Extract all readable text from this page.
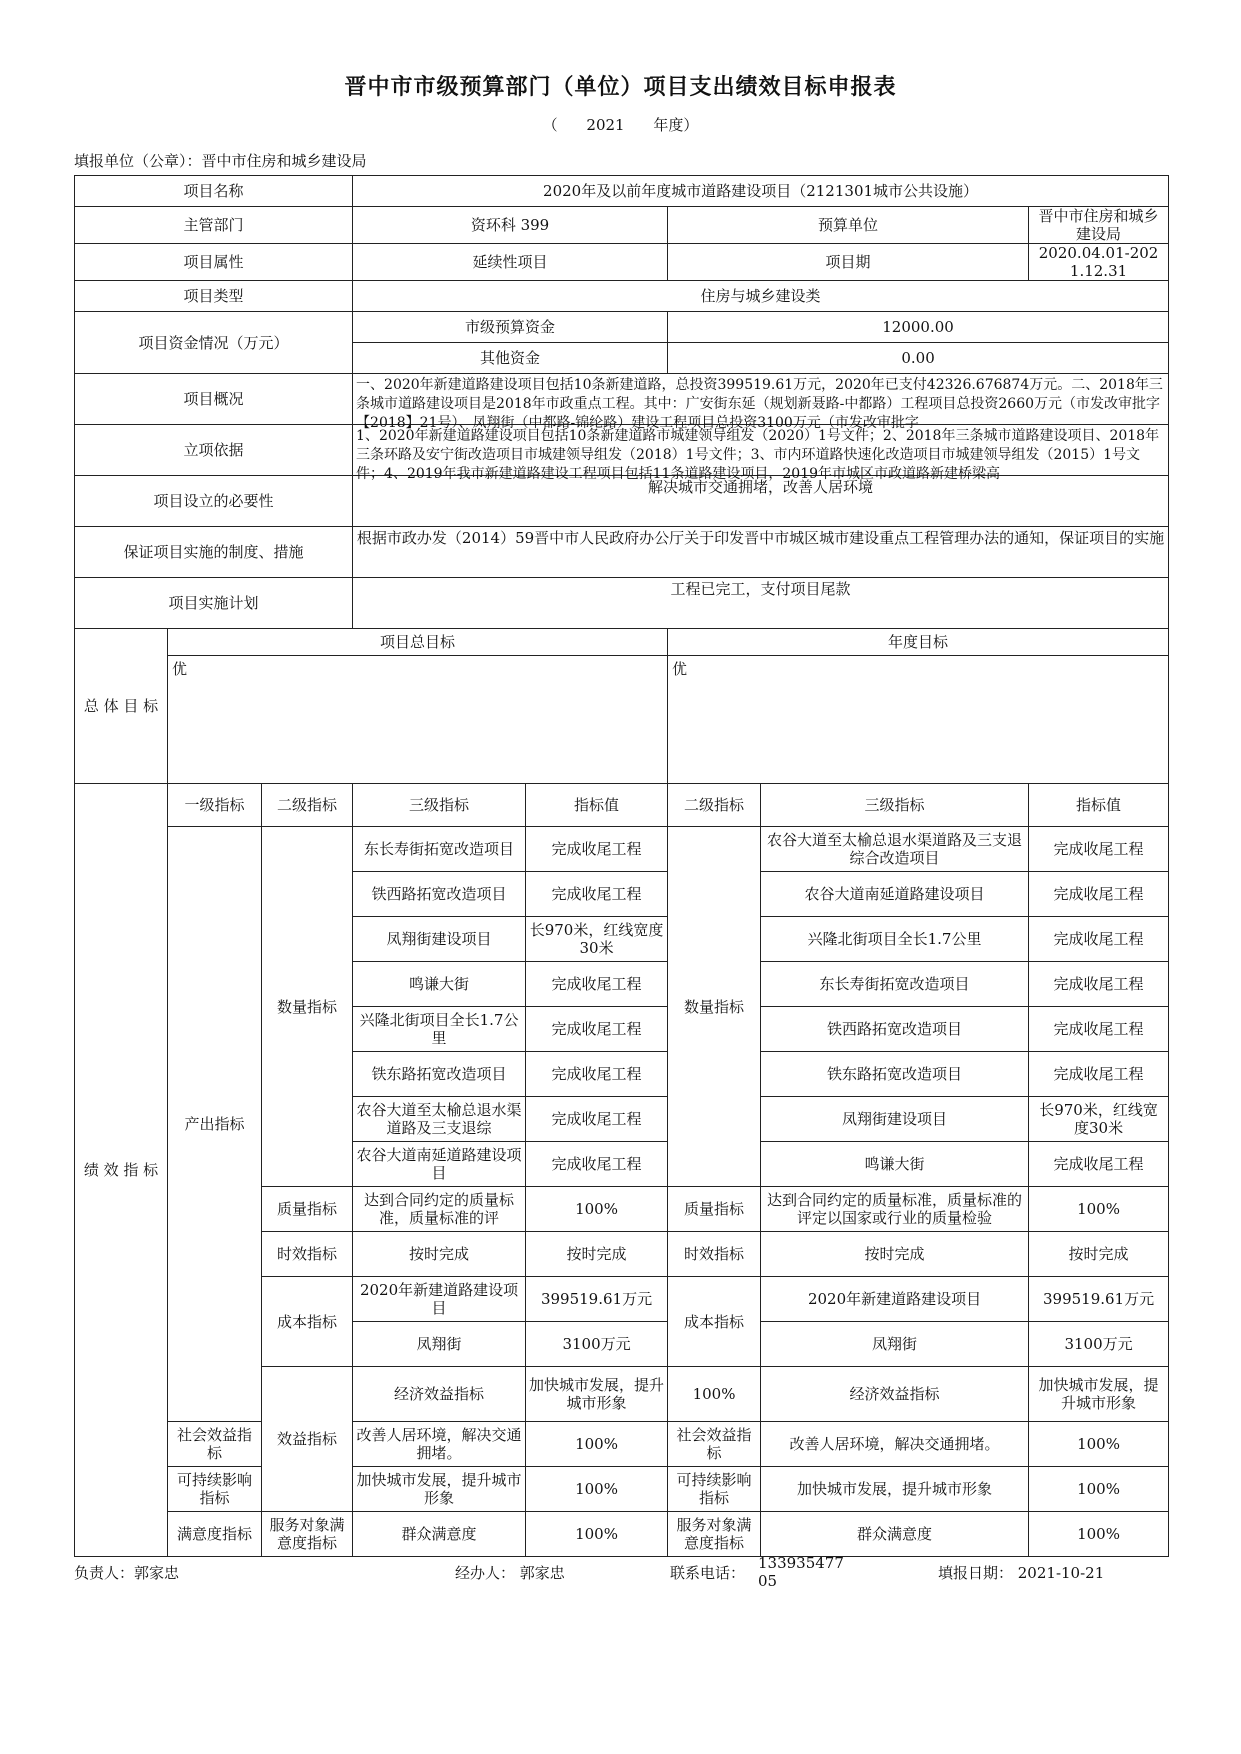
晋中市市级预算部门（单位）项目支出绩效目标申报表
（ 2021 年度）
填报单位（公章）：晋中市住房和城乡建设局
项目名称			2020年及以前年度城市道路建设项目（2121301城市公共设施）					
主管部门			资环科 399		预算单位		晋中市住房和城乡建设局	
项目属性			延续性项目		项目期		2020.04.01-2021.12.31	
项目类型			住房与城乡建设类					
项目资金情况（万元）			市级预算资金		12000.00			
			其他资金		0.00			
项目概况			一、2020年新建道路建设项目包括10条新建道路，总投资399519.61万元，2020年已支付42326.676874万元。二、2018年三条城市道路建设项目是2018年市政重点工程。其中：广安街东延（规划新聂路-中都路）工程项目总投资2660万元（市发改审批字【2018】21号）、凤翔街（中都路-锦纶路）建设工程项目总投资3100万元（市发改审批字					

立项依据			1、2020年新建道路建设项目包括10条新建道路市城建领导组发（2020）1号文件；2、2018年三条城市道路建设项目、2018年三条环路及安宁街改造项目市城建领导组发（2018）1号文件；3、市内环道路快速化改造项目市城建领导组发（2015）1号文件；4、2019年我市新建道路建设工程项目包括11条道路建设项目，2019年市城区市政道路新建桥梁高					

项目设立的必要性			解决城市交通拥堵，改善人居环境					
保证项目实施的制度、措施			根据市政办发（2014）59晋中市人民政府办公厅关于印发晋中市城区城市建设重点工程管理办法的通知，保证项目的实施					
项目实施计划			工程已完工，支付项目尾款					
总 体 目 标	项目总目标				年度目标			
	优				优			
绩 效 指 标	一级指标	二级指标	三级指标	指标值	二级指标	三级指标	指标值	
	产出指标	数量指标	东长寿街拓宽改造项目	完成收尾工程	数量指标	农谷大道至太榆总退水渠道路及三支退综合改造项目	完成收尾工程	
			铁西路拓宽改造项目	完成收尾工程		农谷大道南延道路建设项目	完成收尾工程	
			凤翔街建设项目	长970米，红线宽度30米		兴隆北街项目全长1.7公里	完成收尾工程	
			鸣谦大街	完成收尾工程		东长寿街拓宽改造项目	完成收尾工程	
			兴隆北街项目全长1.7公里	完成收尾工程		铁西路拓宽改造项目	完成收尾工程	
			铁东路拓宽改造项目	完成收尾工程		铁东路拓宽改造项目	完成收尾工程	
			农谷大道至太榆总退水渠道路及三支退综	完成收尾工程		凤翔街建设项目	长970米，红线宽度30米	
			农谷大道南延道路建设项目	完成收尾工程		鸣谦大街	完成收尾工程	
		质量指标	达到合同约定的质量标准，质量标准的评	100%	质量指标	达到合同约定的质量标准，质量标准的评定以国家或行业的质量检验	100%	
		时效指标	按时完成	按时完成	时效指标	按时完成	按时完成	
		成本指标	2020年新建道路建设项目	399519.61万元	成本指标	2020年新建道路建设项目	399519.61万元	
			凤翔街	3100万元		凤翔街	3100万元	
		效益指标	经济效益指标	加快城市发展，提升城市形象	100%	经济效益指标	加快城市发展，提升城市形象	
	社会效益指标		改善人居环境，解决交通拥堵。	100%	社会效益指标	改善人居环境，解决交通拥堵。	100%	
	可持续影响指标		加快城市发展，提升城市形象	100%	可持续影响指标	加快城市发展，提升城市形象	100%	
	满意度指标	服务对象满意度指标	群众满意度	100%	服务对象满意度指标	群众满意度	100%	
负责人：郭家忠	经办人： 郭家忠	联系电话：
13393547705	填报日期： 2021-10-21
